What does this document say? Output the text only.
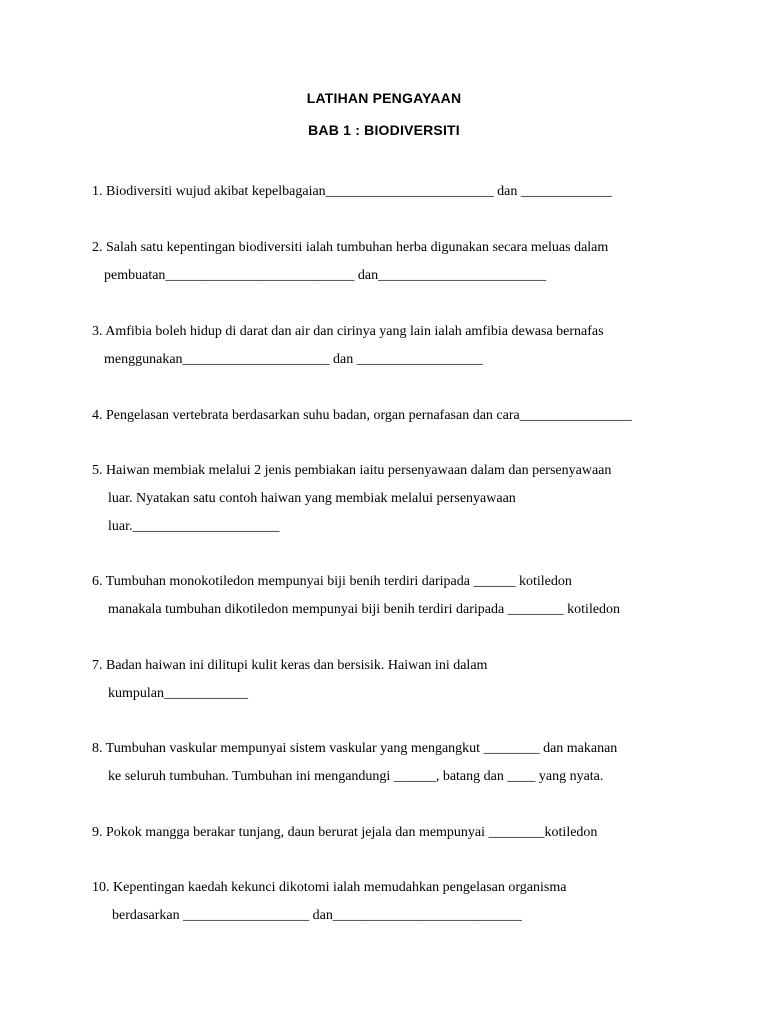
LATIHAN PENGAYAAN
BAB 1 : BIODIVERSITI
1. Biodiversiti wujud akibat kepelbagaian________________________ dan _____________
2. Salah satu kepentingan biodiversiti ialah tumbuhan herba digunakan secara meluas dalam
pembuatan___________________________ dan________________________
3. Amfibia boleh hidup di darat dan air dan cirinya yang lain ialah amfibia dewasa bernafas
menggunakan_____________________ dan __________________
4. Pengelasan vertebrata berdasarkan suhu badan, organ pernafasan dan cara________________
5. Haiwan membiak melalui 2 jenis pembiakan iaitu persenyawaan dalam dan persenyawaan
luar. Nyatakan satu contoh haiwan yang membiak melalui persenyawaan
luar._____________________
6. Tumbuhan monokotiledon mempunyai biji benih terdiri daripada ______ kotiledon
manakala tumbuhan dikotiledon mempunyai biji benih terdiri daripada ________ kotiledon
7. Badan haiwan ini dilitupi kulit keras dan bersisik. Haiwan ini dalam
kumpulan____________
8. Tumbuhan vaskular mempunyai sistem vaskular yang mengangkut ________ dan makanan
ke seluruh tumbuhan. Tumbuhan ini mengandungi ______, batang dan ____ yang nyata.
9. Pokok mangga berakar tunjang, daun berurat jejala dan mempunyai ________kotiledon
10. Kepentingan kaedah kekunci dikotomi ialah memudahkan pengelasan organisma
berdasarkan __________________ dan___________________________
